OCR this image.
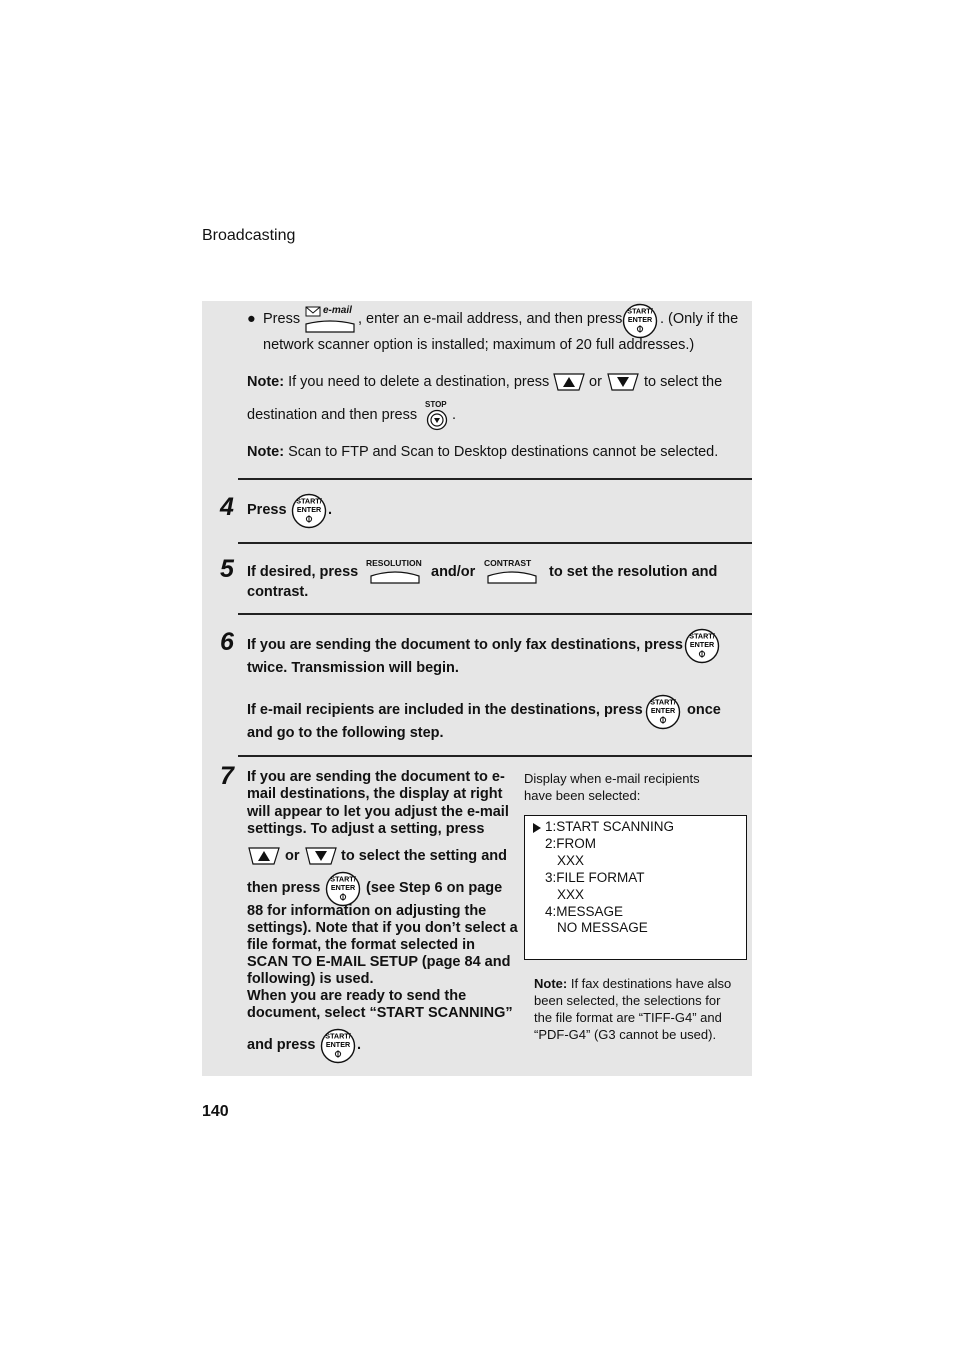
Broadcasting
● Press
e-mail
, enter an e-mail address, and then press	. (Only if the
network scanner option is installed; maximum of 20 full addresses.)
Note: If you need to delete a destination, press	or	to select the
destination and then press
STOP
.
Note: Scan to FTP and Scan to Desktop destinations cannot be selected.
4 Press	.
5 If desired, press
RESOLUTION
and/or
CONTRAST
to set the resolution and
contrast.
6 If you are sending the document to only fax destinations, press
twice. Transmission will begin.
If e-mail recipients are included in the destinations, press	once
and go to the following step.
7 If you are sending the document to e-
mail destinations, the display at right
will appear to let you adjust the e-mail
settings. To adjust a setting, press
or	to select the setting and
then press	(see Step 6 on page
88 for information on adjusting the
settings). Note that if you don’t select a
file format, the format selected in
SCAN TO E-MAIL SETUP (page 84 and
following) is used.
When you are ready to send the
document, select “START SCANNING”
and press	.
Display when e-mail recipients
have been selected:
1:START SCANNING
2:FROM
XXX
3:FILE FORMAT
XXX
4:MESSAGE
NO MESSAGE
Note: If fax destinations have also
been selected, the selections for
the file format are “TIFF-G4” and
“PDF-G4” (G3 cannot be used).
140
